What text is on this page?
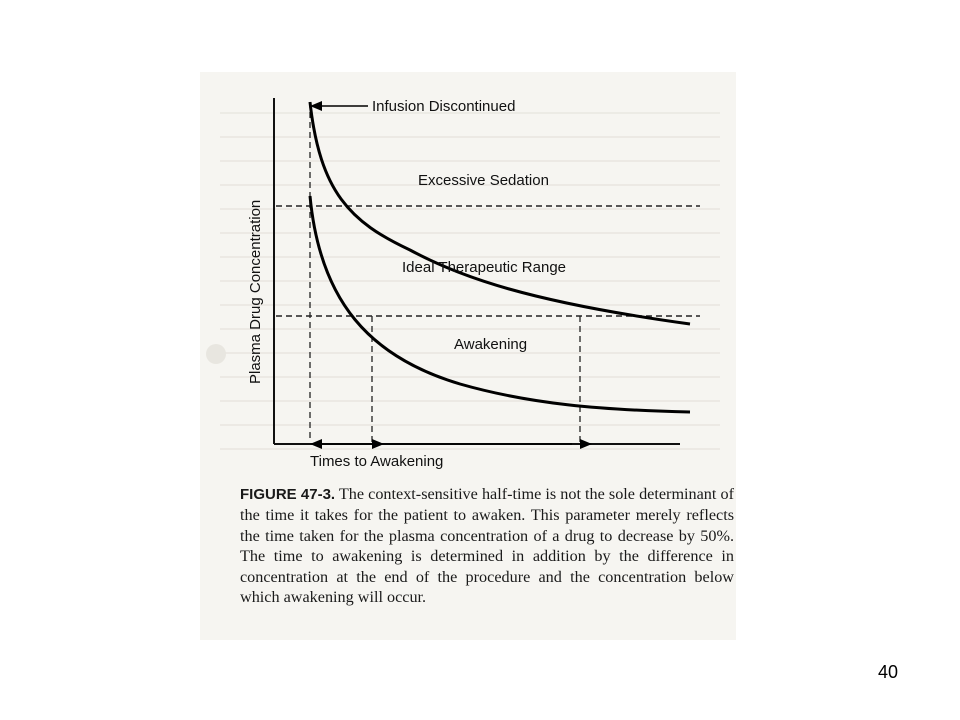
Infusion Discontinued
Excessive Sedation
Ideal Therapeutic Range
Awakening
Plasma Drug Concentration
Times to Awakening
FIGURE 47-3. The context-sensitive half-time is not the sole determinant of the time it takes for the patient to awaken. This parameter merely reflects the time taken for the plasma concentration of a drug to decrease by 50%. The time to awakening is determined in addition by the difference in concentration at the end of the procedure and the concentration below which awakening will occur.
40
